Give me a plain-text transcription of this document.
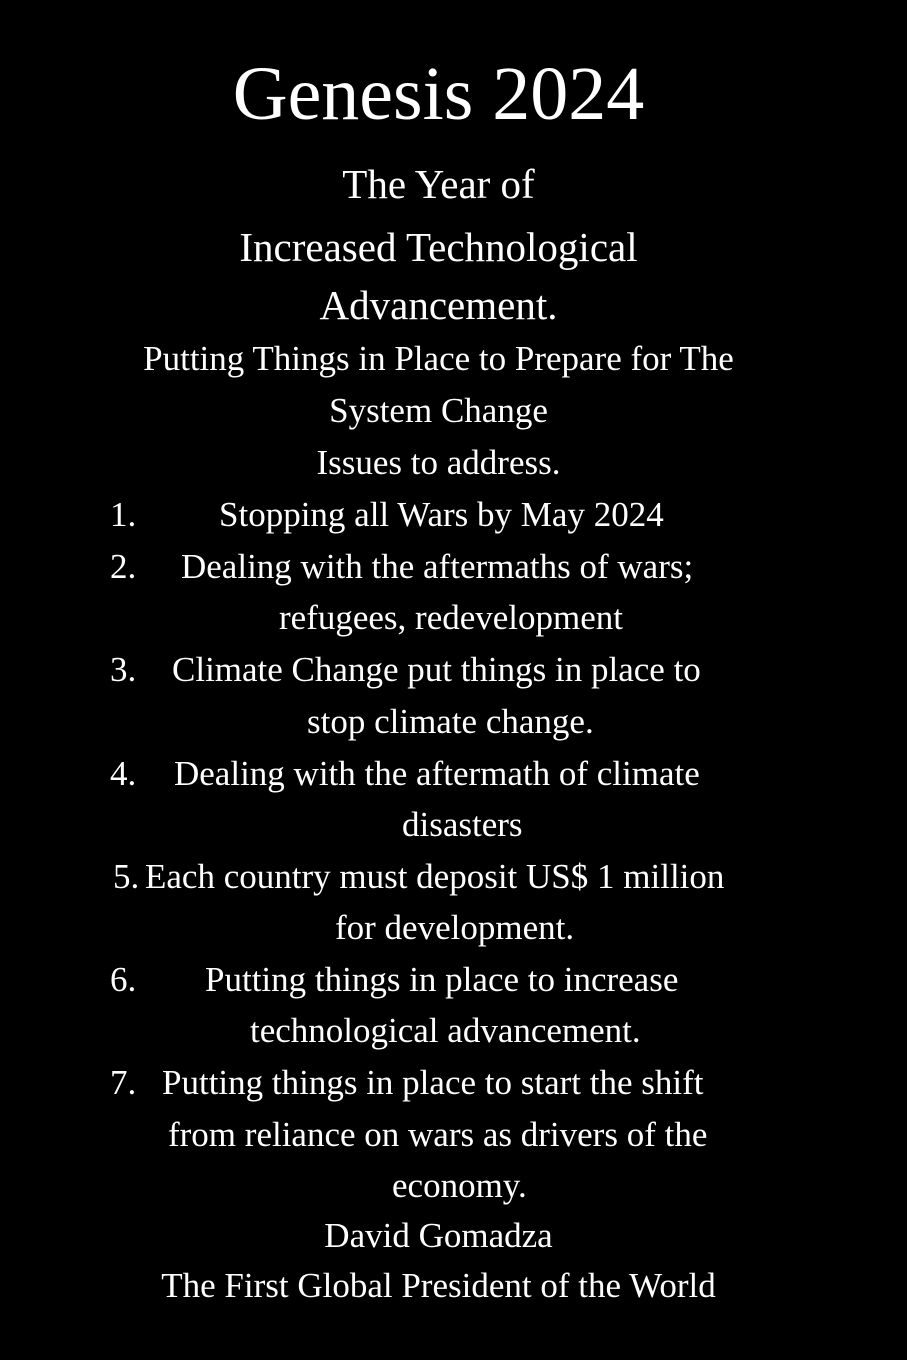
Genesis 2024
The Year of
Increased Technological
Advancement.
Putting Things in Place to Prepare for The
System Change
Issues to address.
1. Stopping all Wars by May 2024
2. Dealing with the aftermaths of wars;
refugees, redevelopment
3. Climate Change put things in place to
stop climate change.
4. Dealing with the aftermath of climate
disasters
5. Each country must deposit US$ 1 million
for development.
6. Putting things in place to increase
technological advancement.
7. Putting things in place to start the shift
from reliance on wars as drivers of the
economy.
David Gomadza
The First Global President of the World
